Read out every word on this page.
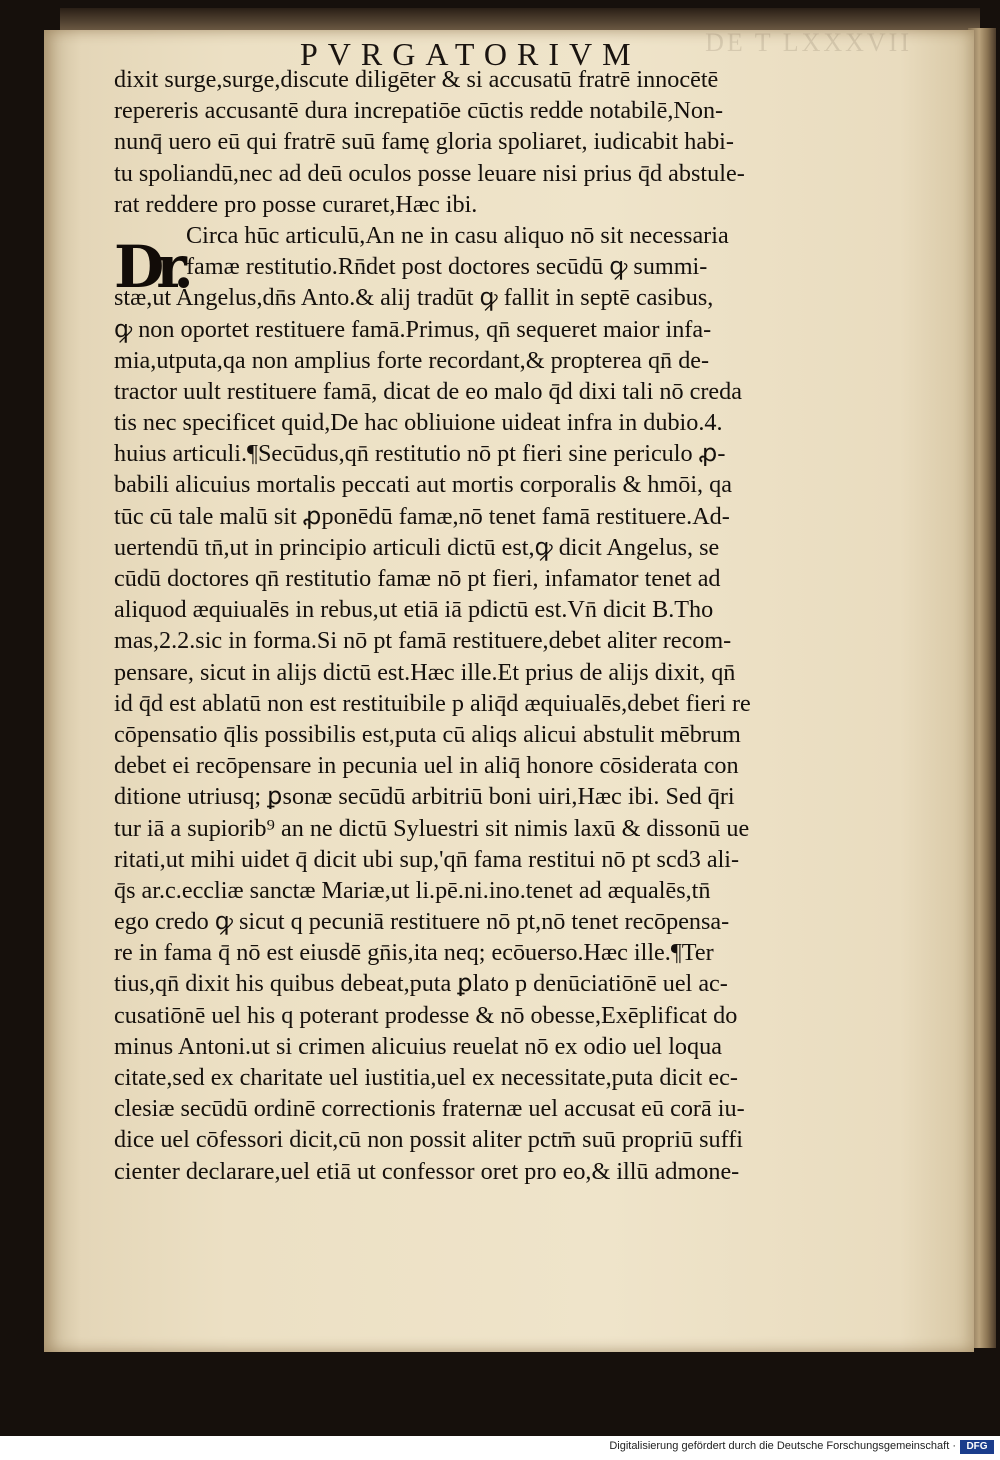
DE T LXXXVII
PVRGATORIVM
Dr.
dixit surge,surge,discute diligēter & si accusatū fratrē innocētē
repereris accusantē dura increpatiōe cūctis redde notabilē,Non-
nunq̄ uero eū qui fratrē suū famę gloria spoliaret, iudicabit habi-
tu spoliandū,nec ad deū oculos posse leuare nisi prius q̄d abstule-
rat reddere pro posse curaret,Hæc ibi.
Circa hūc articulū,An ne in casu aliquo nō sit necessaria
famæ restitutio.Rn̄det post doctores secūdū ꝙ summi-
stæ,ut Angelus,dn̄s Anto.& alij tradūt ꝙ fallit in septē casibus,
ꝙ non oportet restituere famā.Primus, qn̄ sequeret maior infa-
mia,utputa,qa non amplius forte recordant,& propterea qn̄ de-
tractor uult restituere famā, dicat de eo malo q̄d dixi tali nō creda
tis nec specificet quid,De hac obliuione uideat infra in dubio.4.
huius articuli.¶Secūdus,qn̄ restitutio nō pt fieri sine periculo ꝓ-
babili alicuius mortalis peccati aut mortis corporalis & hmōi, qa
tūc cū tale malū sit ꝓponēdū famæ,nō tenet famā restituere.Ad-
uertendū tn̄,ut in principio articuli dictū est,ꝙ dicit Angelus, se
cūdū doctores qn̄ restitutio famæ nō pt fieri, infamator tenet ad
aliquod æquiualēs in rebus,ut etiā iā pdictū est.Vn̄ dicit B.Tho
mas,2.2.sic in forma.Si nō pt famā restituere,debet aliter recom-
pensare, sicut in alijs dictū est.Hæc ille.Et prius de alijs dixit, qn̄
id q̄d est ablatū non est restituibile p aliq̄d æquiualēs,debet fieri re
cōpensatio q̄lis possibilis est,puta cū aliqs alicui abstulit mēbrum
debet ei recōpensare in pecunia uel in aliq̄ honore cōsiderata con
ditione utriusq; ꝑsonæ secūdū arbitriū boni uiri,Hæc ibi. Sed q̄ri
tur iā a supiorib⁹ an ne dictū Syluestri sit nimis laxū & dissonū ue
ritati,ut mihi uidet q̄ dicit ubi sup,'qn̄ fama restitui nō pt scd3 ali-
q̄s ar.c.eccliæ sanctæ Mariæ,ut li.pē.ni.ino.tenet ad æqualēs,tn̄
ego credo ꝙ sicut q pecuniā restituere nō pt,nō tenet recōpensa-
re in fama q̄ nō est eiusdē gn̄is,ita neq; ecōuerso.Hæc ille.¶Ter
tius,qn̄ dixit his quibus debeat,puta ꝑlato p denūciatiōnē uel ac-
cusatiōnē uel his q poterant prodesse & nō obesse,Exēplificat do
minus Antoni.ut si crimen alicuius reuelat nō ex odio uel loqua
citate,sed ex charitate uel iustitia,uel ex necessitate,puta dicit ec-
clesiæ secūdū ordinē correctionis fraternæ uel accusat eū corā iu-
dice uel cōfessori dicit,cū non possit aliter pctm̄ suū propriū suffi
cienter declarare,uel etiā ut confessor oret pro eo,& illū admone-
Digitalisierung gefördert durch die Deutsche Forschungsgemeinschaft ·	DFG
